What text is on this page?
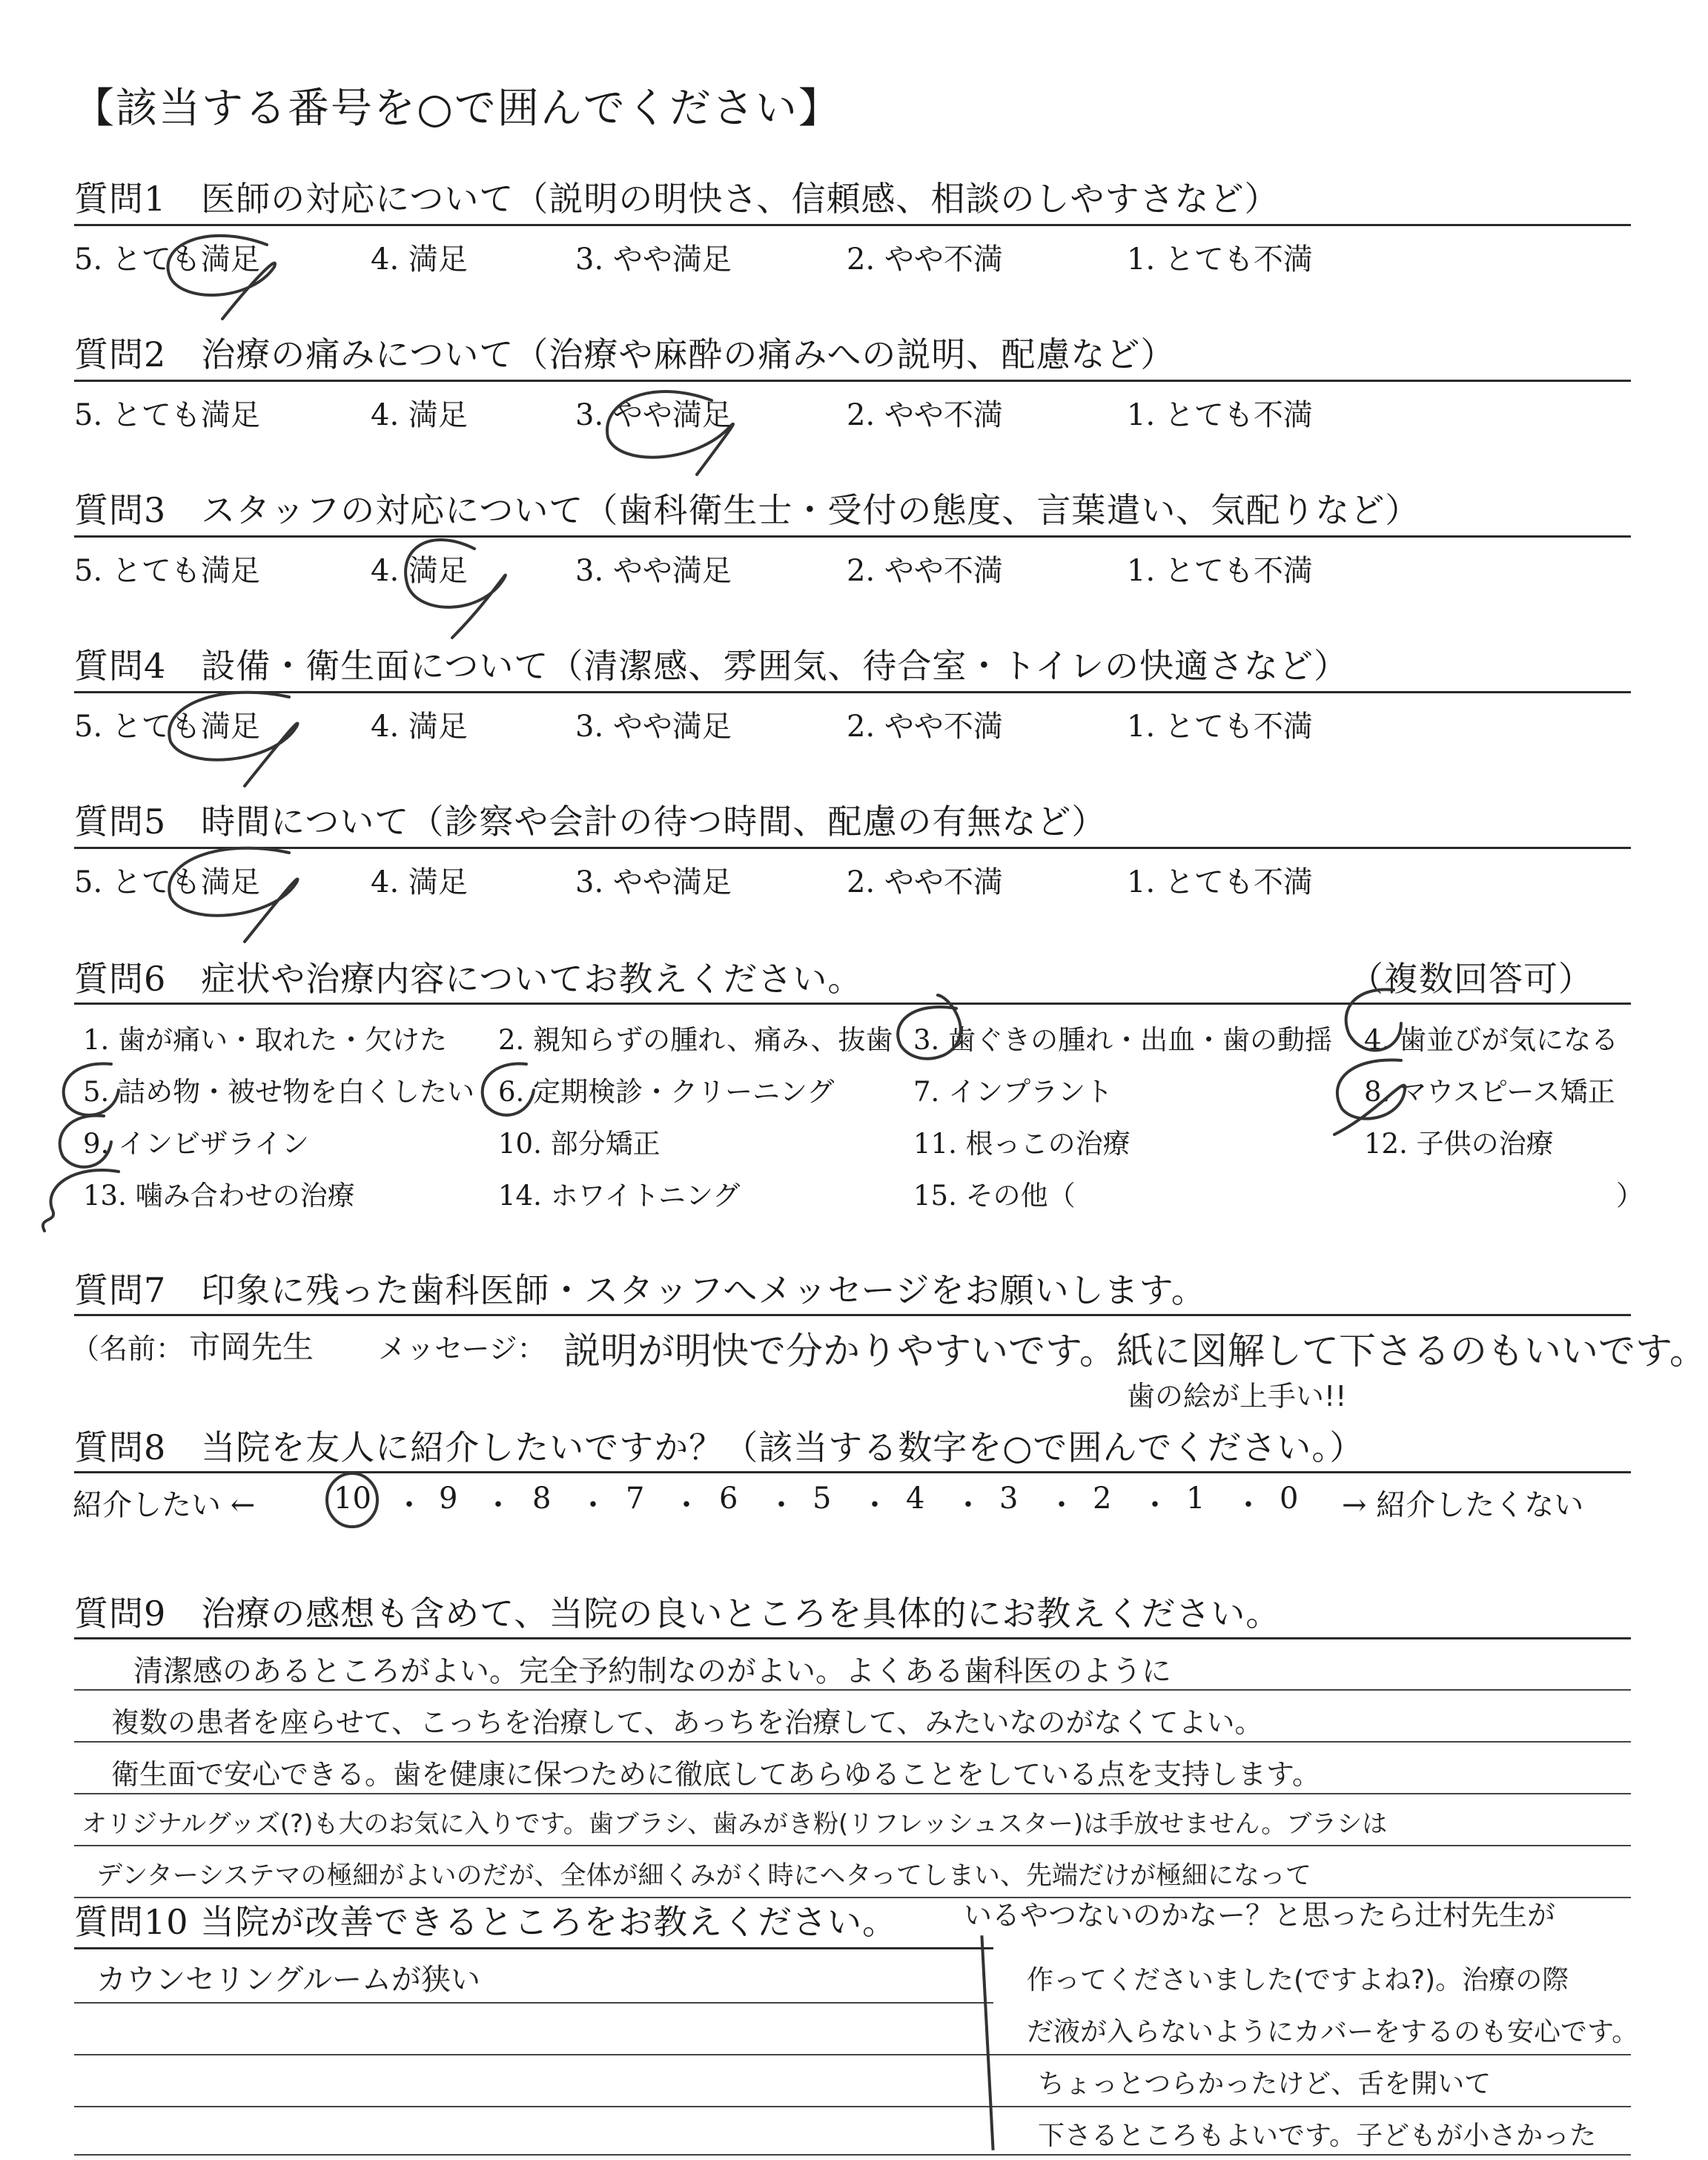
【該当する番号を○で囲んでください】
質問1　医師の対応について（説明の明快さ、信頼感、相談のしやすさなど）
5. とても満足	4. 満足	3. やや満足	2. やや不満	1. とても不満
質問2　治療の痛みについて（治療や麻酔の痛みへの説明、配慮など）
5. とても満足	4. 満足	3. やや満足	2. やや不満	1. とても不満
質問3　スタッフの対応について（歯科衛生士・受付の態度、言葉遣い、気配りなど）
5. とても満足	4. 満足	3. やや満足	2. やや不満	1. とても不満
質問4　設備・衛生面について（清潔感、雰囲気、待合室・トイレの快適さなど）
5. とても満足	4. 満足	3. やや満足	2. やや不満	1. とても不満
質問5　時間について（診察や会計の待つ時間、配慮の有無など）
5. とても満足	4. 満足	3. やや満足	2. やや不満	1. とても不満
質問6　症状や治療内容についてお教えください。	（複数回答可）
1. 歯が痛い・取れた・欠けた 2. 親知らずの腫れ、痛み、抜歯 3. 歯ぐきの腫れ・出血・歯の動揺 4. 歯並びが気になる
5. 詰め物・被せ物を白くしたい 6. 定期検診・クリーニング	7. インプラント	8. マウスピース矯正
9. インビザライン	10. 部分矯正	11. 根っこの治療	12. 子供の治療
13. 噛み合わせの治療	14. ホワイトニング	15. その他（	）
質問7　印象に残った歯科医師・スタッフへメッセージをお願いします。
（名前： 市岡先生 メッセージ： 説明が明快で分かりやすいです。紙に図解して下さるのもいいです。
歯の絵が上手い!!
質問8　当院を友人に紹介したいですか？（該当する数字を○で囲んでください。）
紹介したい ←	10 ・ 9 ・ 8 ・ 7 ・ 6 ・ 5 ・ 4 ・ 3 ・ 2 ・ 1 ・ 0 → 紹介したくない
質問9　治療の感想も含めて、当院の良いところを具体的にお教えください。
清潔感のあるところがよい。完全予約制なのがよい。よくある歯科医のように
複数の患者を座らせて、こっちを治療して、あっちを治療して、みたいなのがなくてよい。
衛生面で安心できる。歯を健康に保つために徹底してあらゆることをしている点を支持します。
オリジナルグッズ(?)も大のお気に入りです。歯ブラシ、歯みがき粉(リフレッシュスター)は手放せません。ブラシは
デンターシステマの極細がよいのだが、全体が細くみがく時にヘタってしまい、先端だけが極細になって
いるやつないのかなー？と思ったら辻村先生が
質問10 当院が改善できるところをお教えください。
カウンセリングルームが狭い	作ってくださいました(ですよね?)。治療の際
だ液が入らないようにカバーをするのも安心です。
ちょっとつらかったけど、舌を開いて
下さるところもよいです。子どもが小さかった
